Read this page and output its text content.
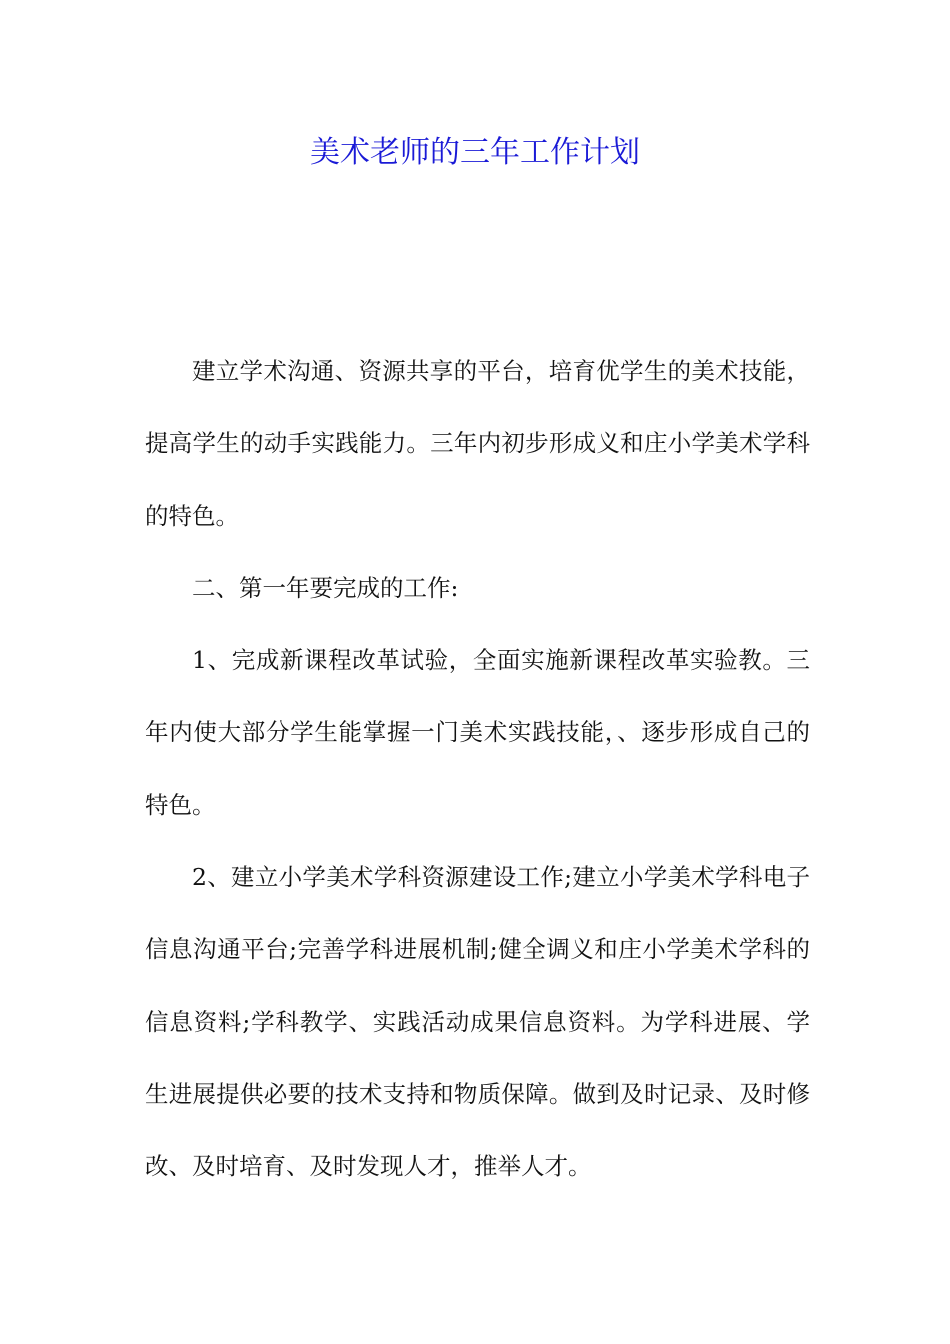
美术老师的三年工作计划

建立学术沟通、资源共享的平台，培育优学生的美术技能，提高学生的动手实践能力。三年内初步形成义和庄小学美术学科的特色。

二、第一年要完成的工作:

1、完成新课程改革试验，全面实施新课程改革实验教。三年内使大部分学生能掌握一门美术实践技能，、逐步形成自己的特色。

2、建立小学美术学科资源建设工作;建立小学美术学科电子信息沟通平台;完善学科进展机制;健全调义和庄小学美术学科的信息资料;学科教学、实践活动成果信息资料。为学科进展、学生进展提供必要的技术支持和物质保障。做到及时记录、及时修改、及时培育、及时发现人才，推举人才。
